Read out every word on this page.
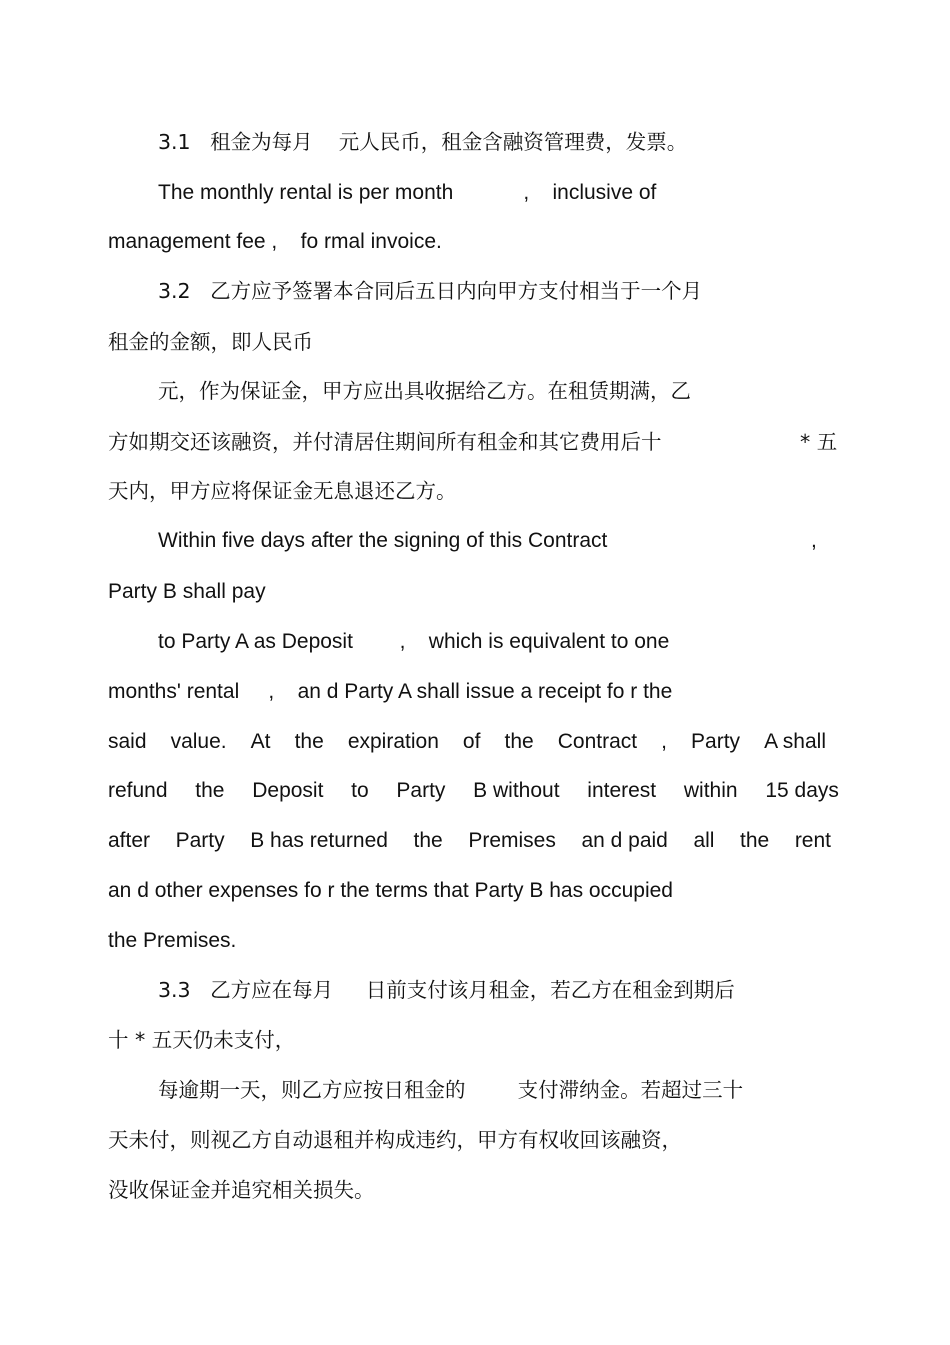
3.1   租金为每月    元人民币，租金含融资管理费，发票。
The monthly rental is per month            ,    inclusive of
management fee ,    fo rmal invoice.
3.2   乙方应予签署本合同后五日内向甲方支付相当于一个月
租金的金额，即人民币
元，作为保证金，甲方应出具收据给乙方。在租赁期满，乙
方如期交还该融资，并付清居住期间所有租金和其它费用后十	* 五
天内，甲方应将保证金无息退还乙方。
Within five days after the signing of this Contract	,
Party B shall pay
to Party A as Deposit        ,    which is equivalent to one
months' rental     ,    an d Party A shall issue a receipt fo r the
said value. At the expiration of the Contract , Party A shall
refund the Deposit to Party B without interest within 15 days
after Party B has returned the Premises an d paid all the rent
an d other expenses fo r the terms that Party B has occupied
the Premises.
3.3   乙方应在每月     日前支付该月租金，若乙方在租金到期后
十 * 五天仍未支付，
每逾期一天，则乙方应按日租金的        支付滞纳金。若超过三十
天未付，则视乙方自动退租并构成违约，甲方有权收回该融资，
没收保证金并追究相关损失。
